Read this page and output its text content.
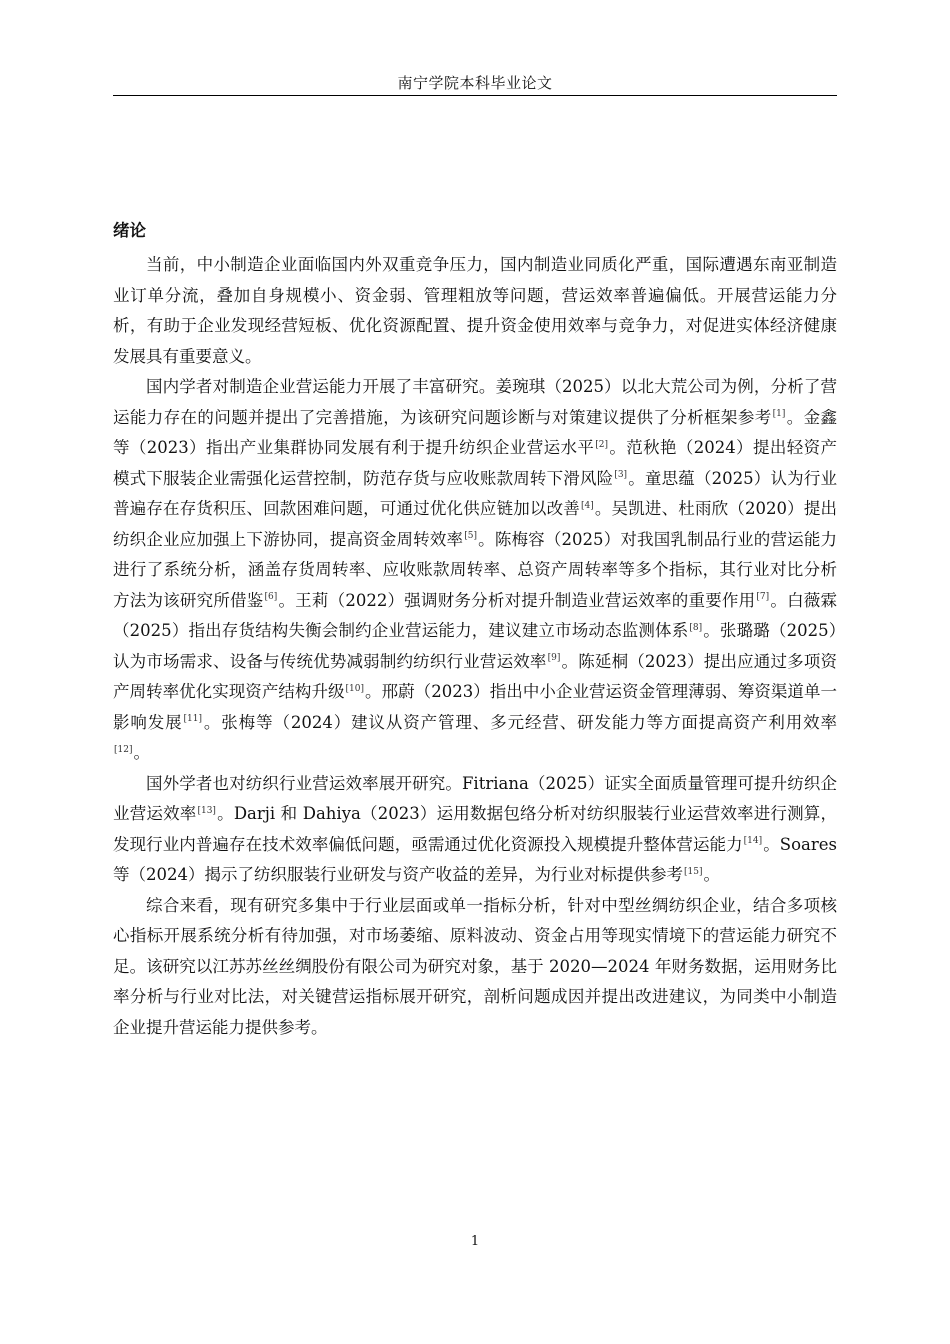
南宁学院本科毕业论文
绪论

当前，中小制造企业面临国内外双重竞争压力，国内制造业同质化严重，国际遭遇东南亚制造业订单分流，叠加自身规模小、资金弱、管理粗放等问题，营运效率普遍偏低。开展营运能力分析，有助于企业发现经营短板、优化资源配置、提升资金使用效率与竞争力，对促进实体经济健康发展具有重要意义。

国内学者对制造企业营运能力开展了丰富研究。姜琬琪（2025）以北大荒公司为例，分析了营运能力存在的问题并提出了完善措施，为该研究问题诊断与对策建议提供了分析框架参考[1]。金鑫等（2023）指出产业集群协同发展有利于提升纺织企业营运水平[2]。范秋艳（2024）提出轻资产模式下服装企业需强化运营控制，防范存货与应收账款周转下滑风险[3]。童思蕴（2025）认为行业普遍存在存货积压、回款困难问题，可通过优化供应链加以改善[4]。吴凯进、杜雨欣（2020）提出纺织企业应加强上下游协同，提高资金周转效率[5]。陈梅容（2025）对我国乳制品行业的营运能力进行了系统分析，涵盖存货周转率、应收账款周转率、总资产周转率等多个指标，其行业对比分析方法为该研究所借鉴[6]。王莉（2022）强调财务分析对提升制造业营运效率的重要作用[7]。白薇霖（2025）指出存货结构失衡会制约企业营运能力，建议建立市场动态监测体系[8]。张璐璐（2025）认为市场需求、设备与传统优势减弱制约纺织行业营运效率[9]。陈延桐（2023）提出应通过多项资产周转率优化实现资产结构升级[10]。邢蔚（2023）指出中小企业营运资金管理薄弱、筹资渠道单一影响发展[11]。张梅等（2024）建议从资产管理、多元经营、研发能力等方面提高资产利用效率[12]。

国外学者也对纺织行业营运效率展开研究。Fitriana（2025）证实全面质量管理可提升纺织企业营运效率[13]。Darji 和 Dahiya（2023）运用数据包络分析对纺织服装行业运营效率进行测算，发现行业内普遍存在技术效率偏低问题，亟需通过优化资源投入规模提升整体营运能力[14]。Soares 等（2024）揭示了纺织服装行业研发与资产收益的差异，为行业对标提供参考[15]。

综合来看，现有研究多集中于行业层面或单一指标分析，针对中型丝绸纺织企业，结合多项核心指标开展系统分析有待加强，对市场萎缩、原料波动、资金占用等现实情境下的营运能力研究不足。该研究以江苏苏丝丝绸股份有限公司为研究对象，基于 2020—2024 年财务数据，运用财务比率分析与行业对比法，对关键营运指标展开研究，剖析问题成因并提出改进建议，为同类中小制造企业提升营运能力提供参考。

1
